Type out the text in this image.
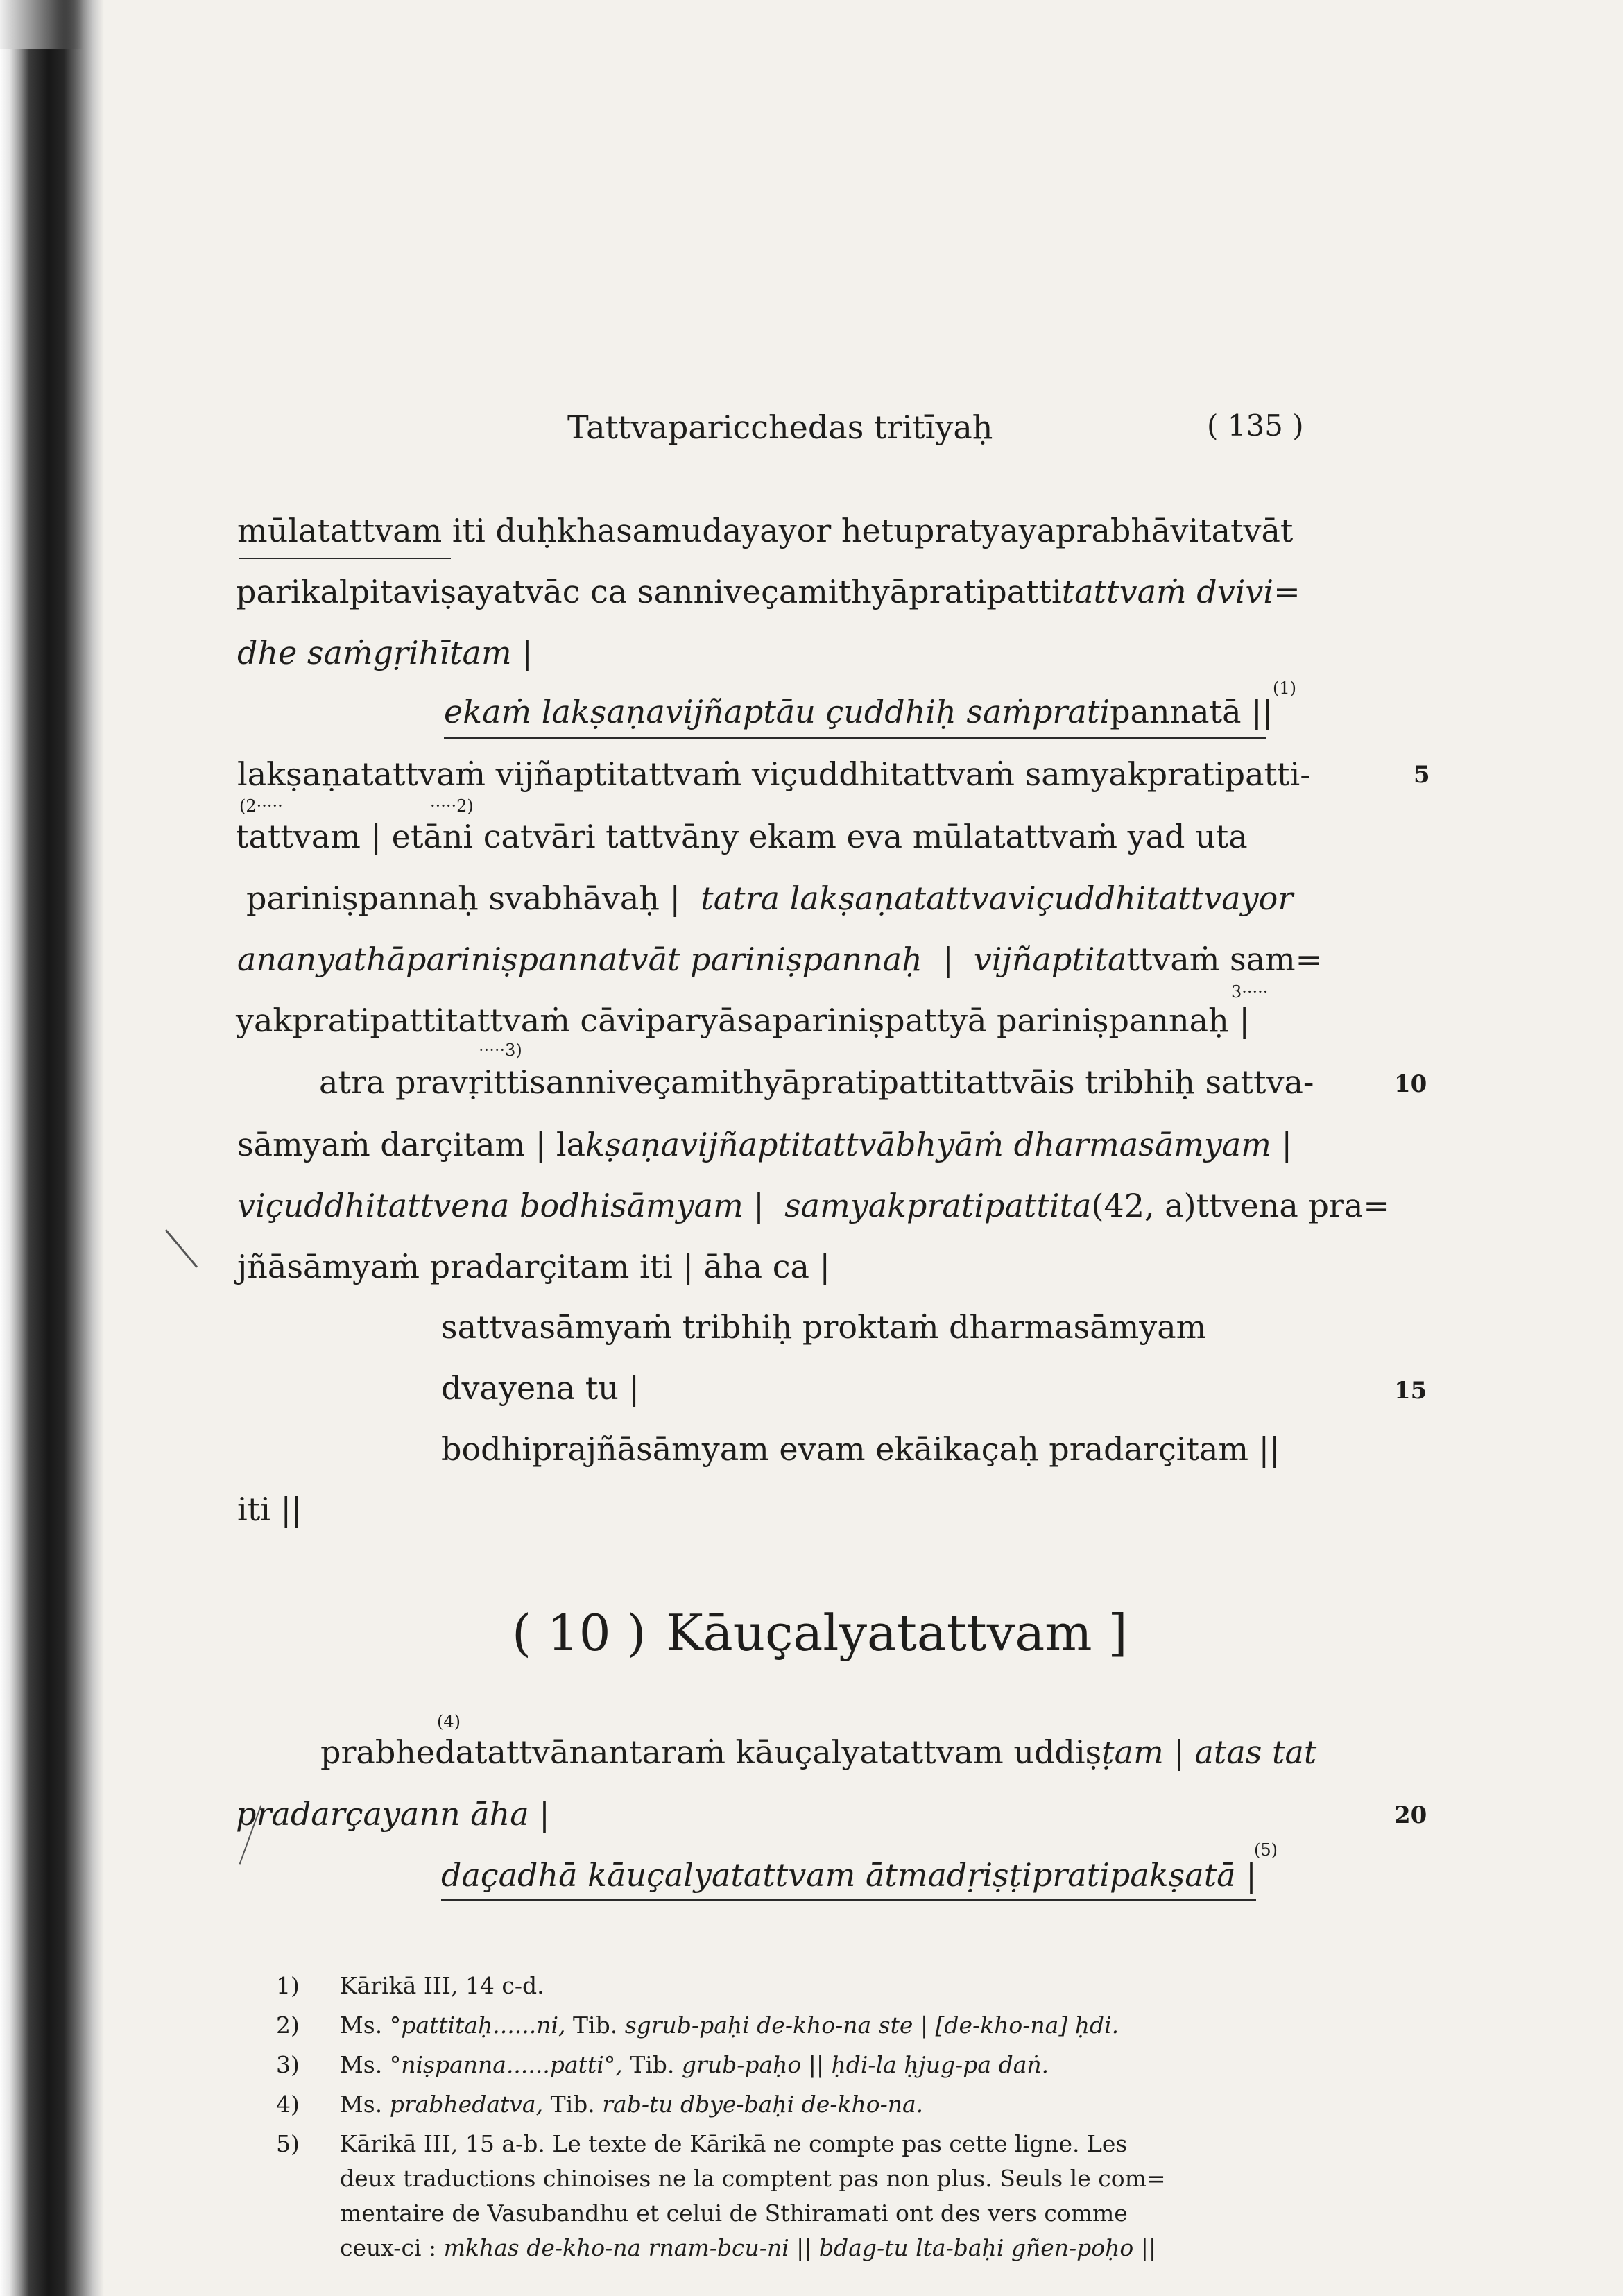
Tattvaparicchedas tritīyaḥ	( 135 )
mūlatattvam iti duḥkhasamudayayor hetupratyayaprabhāvitatvāt
parikalpitaviṣayatvāc ca sanniveçamithyāpratipattitattvaṁ dvivi=
dhe saṁgṛihītam |
(1)
ekaṁ lakṣaṇavijñaptāu çuddhiḥ saṁpratipannatā ||
lakṣaṇatattvaṁ vijñaptitattvaṁ viçuddhitattvaṁ samyakpratipatti-	5
(2·····	·····2)
tattvam | etāni catvāri tattvāny ekam eva mūlatattvaṁ yad uta
pariniṣpannaḥ svabhāvaḥ | tatra lakṣaṇatattvaviçuddhitattvayor
ananyathāpariniṣpannatvāt pariniṣpannaḥ | vijñaptitattvaṁ sam=
3·····
yakpratipattitattvaṁ cāviparyāsapariniṣpattyā pariniṣpannaḥ |
·····3)
atra pravṛittisanniveçamithyāpratipattitattvāis tribhiḥ sattva-	10
sāmyaṁ darçitam | lakṣaṇavijñaptitattvābhyāṁ dharmasāmyam |
viçuddhitattvena bodhisāmyam | samyakpratipattita(42, a)ttvena pra=
jñāsāmyaṁ pradarçitam iti | āha ca |
sattvasāmyaṁ tribhiḥ proktaṁ dharmasāmyam
dvayena tu |	15
bodhiprajñāsāmyam evam ekāikaçaḥ pradarçitam ||
iti ||
( 10 ) Kāuçalyatattvam ]
(4)
prabhedatattvānantaraṁ kāuçalyatattvam uddiṣṭam | atas tat
pradarçayann āha |	20
(5)
daçadhā kāuçalyatattvam ātmadṛiṣṭipratipakṣatā |
1) Kārikā III, 14 c-d.
2) Ms. °pattitaḥ......ni, Tib. sgrub-paḥi de-kho-na ste | [de-kho-na] ḥdi.
3) Ms. °niṣpanna......patti°, Tib. grub-paḥo || ḥdi-la ḥjug-pa daṅ.
4) Ms. prabhedatva, Tib. rab-tu dbye-baḥi de-kho-na.
5) Kārikā III, 15 a-b. Le texte de Kārikā ne compte pas cette ligne. Les
deux traductions chinoises ne la comptent pas non plus. Seuls le com=
mentaire de Vasubandhu et celui de Sthiramati ont des vers comme
ceux-ci : mkhas de-kho-na rnam-bcu-ni || bdag-tu lta-baḥi gñen-poḥo ||
